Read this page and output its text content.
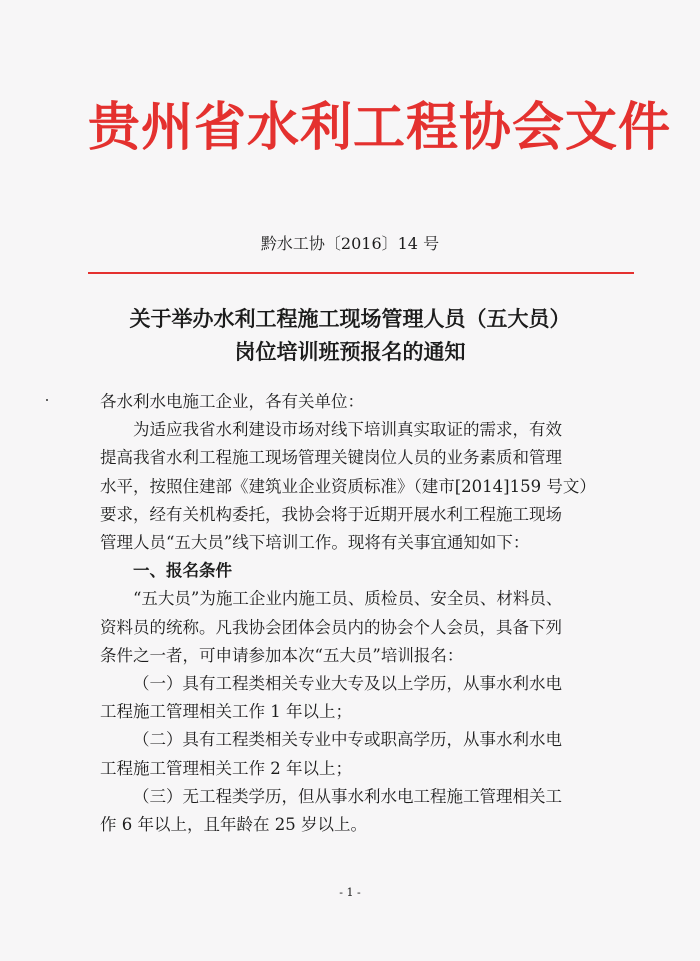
贵州省水利工程协会文件
黔水工协〔2016〕14 号
关于举办水利工程施工现场管理人员（五大员）
岗位培训班预报名的通知

各水利水电施工企业，各有关单位：

为适应我省水利建设市场对线下培训真实取证的需求，有效

提高我省水利工程施工现场管理关键岗位人员的业务素质和管理

水平，按照住建部《建筑业企业资质标准》（建市[2014]159 号文）

要求，经有关机构委托，我协会将于近期开展水利工程施工现场

管理人员“五大员”线下培训工作。现将有关事宜通知如下：

一、报名条件

“五大员”为施工企业内施工员、质检员、安全员、材料员、

资料员的统称。凡我协会团体会员内的协会个人会员，具备下列

条件之一者，可申请参加本次“五大员”培训报名：

（一）具有工程类相关专业大专及以上学历，从事水利水电

工程施工管理相关工作 1 年以上；

（二）具有工程类相关专业中专或职高学历，从事水利水电

工程施工管理相关工作 2 年以上；

（三）无工程类学历，但从事水利水电工程施工管理相关工

作 6 年以上，且年龄在 25 岁以上。

- 1 -
